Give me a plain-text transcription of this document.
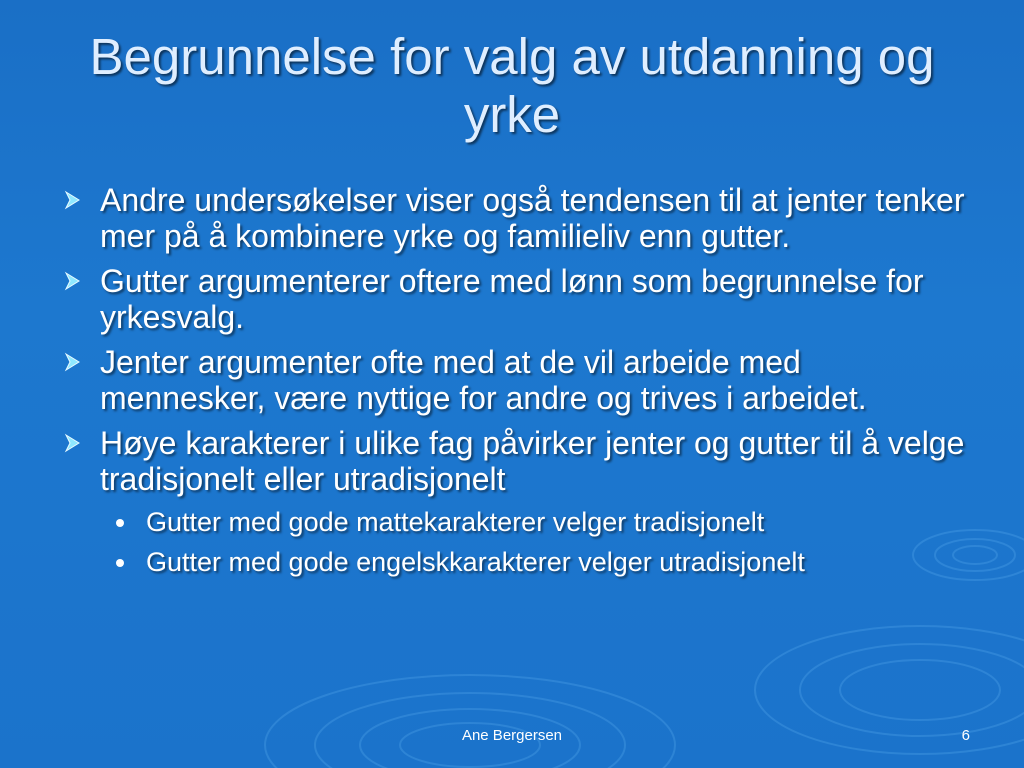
Begrunnelse for valg av utdanning og yrke
Andre undersøkelser viser også tendensen til at jenter tenker mer på å kombinere yrke og familieliv enn gutter.
Gutter argumenterer oftere med lønn som begrunnelse for yrkesvalg.
Jenter argumenter ofte med at de vil arbeide med mennesker, være nyttige for andre og trives i arbeidet.
Høye karakterer i ulike fag påvirker jenter og gutter til å velge tradisjonelt eller utradisjonelt
Gutter med gode mattekarakterer velger tradisjonelt
Gutter med gode engelskkarakterer velger utradisjonelt
Ane Bergersen	6
